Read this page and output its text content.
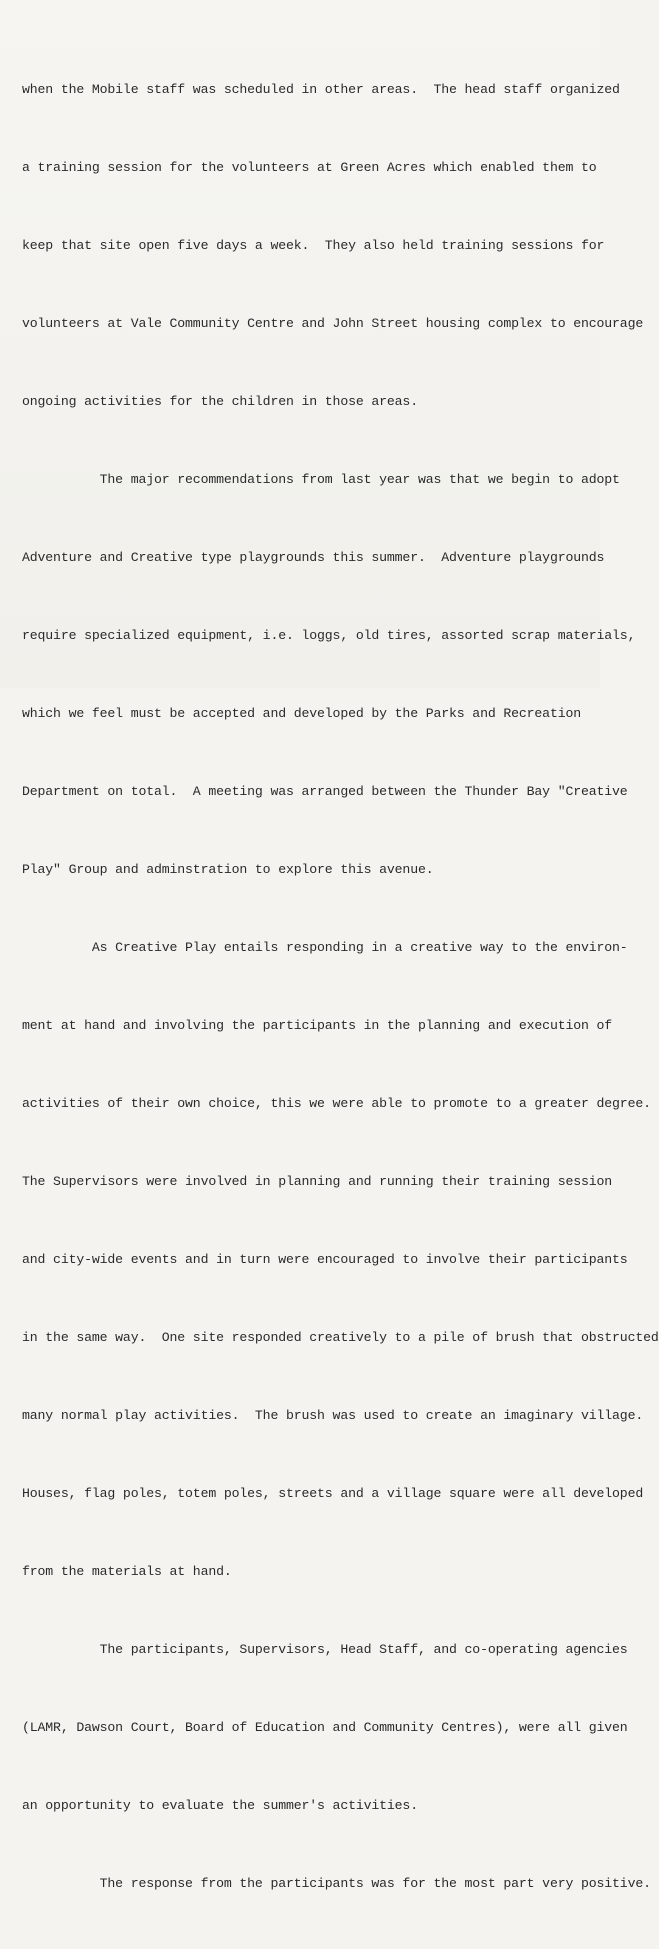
when the Mobile staff was scheduled in other areas.  The head staff organized

a training session for the volunteers at Green Acres which enabled them to

keep that site open five days a week.  They also held training sessions for

volunteers at Vale Community Centre and John Street housing complex to encourage

ongoing activities for the children in those areas.

The major recommendations from last year was that we begin to adopt

Adventure and Creative type playgrounds this summer.  Adventure playgrounds

require specialized equipment, i.e. loggs, old tires, assorted scrap materials,

which we feel must be accepted and developed by the Parks and Recreation

Department on total.  A meeting was arranged between the Thunder Bay "Creative

Play" Group and adminstration to explore this avenue.

As Creative Play entails responding in a creative way to the environ-

ment at hand and involving the participants in the planning and execution of

activities of their own choice, this we were able to promote to a greater degree.

The Supervisors were involved in planning and running their training session

and city-wide events and in turn were encouraged to involve their participants

in the same way.  One site responded creatively to a pile of brush that obstructed

many normal play activities.  The brush was used to create an imaginary village.

Houses, flag poles, totem poles, streets and a village square were all developed

from the materials at hand.

The participants, Supervisors, Head Staff, and co-operating agencies

(LAMR, Dawson Court, Board of Education and Community Centres), were all given

an opportunity to evaluate the summer's activities.

The response from the participants was for the most part very positive.
